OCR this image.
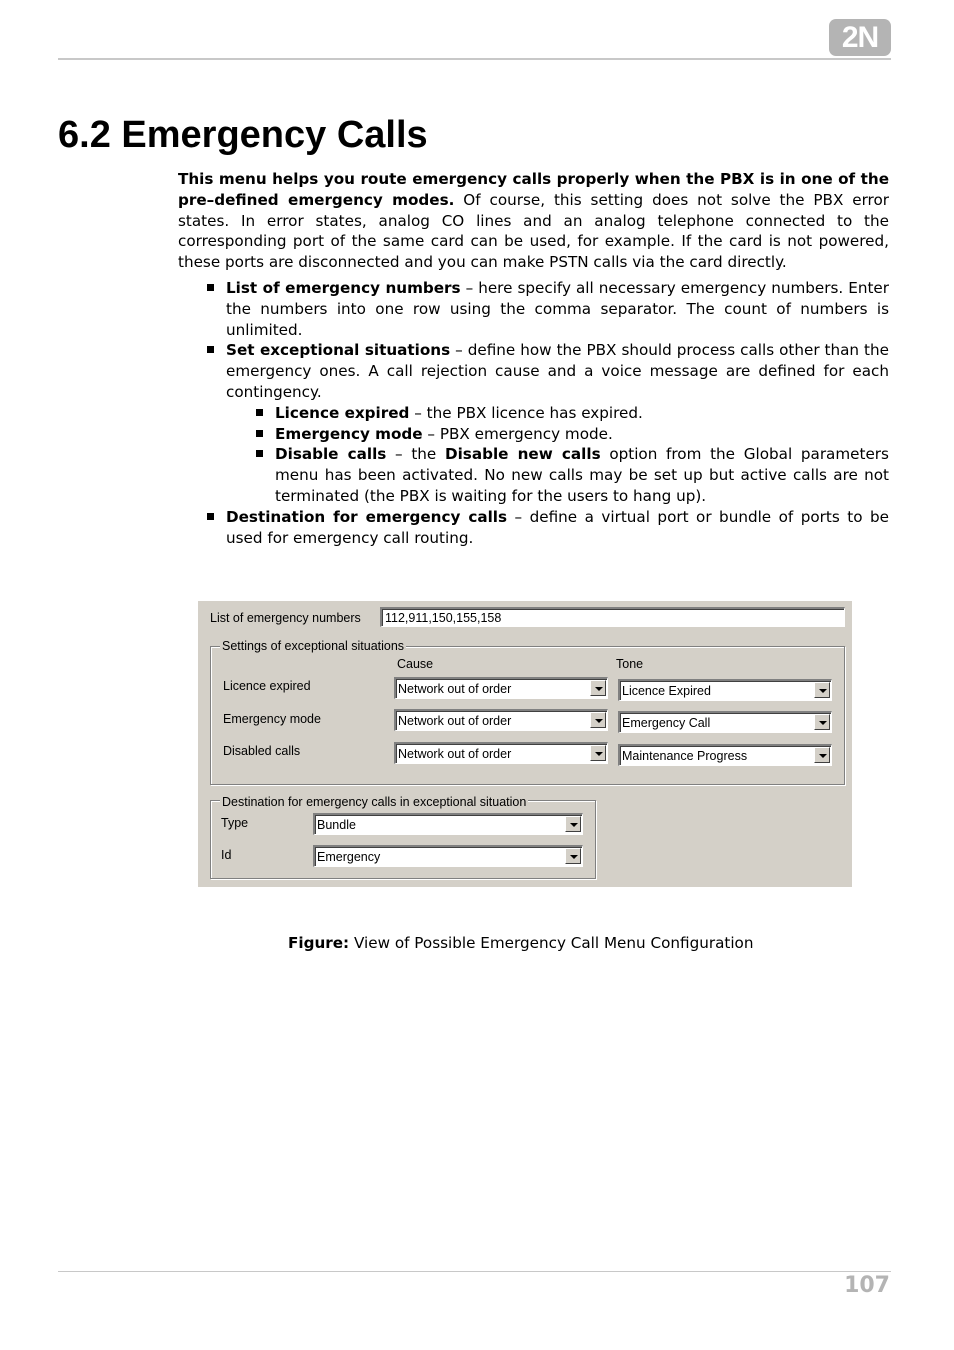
2N
6.2 Emergency Calls

This menu helps you route emergency calls properly when the PBX is in one of the pre–defined emergency modes. Of course, this setting does not solve the PBX error states. In error states, analog CO lines and an analog telephone connected to the corresponding port of the same card can be used, for example. If the card is not powered, these ports are disconnected and you can make PSTN calls via the card directly.

List of emergency numbers – here specify all necessary emergency numbers. Enter the numbers into one row using the comma separator. The count of numbers is unlimited.
Set exceptional situations – define how the PBX should process calls other than the emergency ones. A call rejection cause and a voice message are defined for each contingency.
Licence expired – the PBX licence has expired.
Emergency mode – PBX emergency mode.
Disable calls – the Disable new calls option from the Global parameters menu has been activated. No new calls may be set up but active calls are not terminated (the PBX is waiting for the users to hang up).
Destination for emergency calls – define a virtual port or bundle of ports to be used for emergency call routing.
List of emergency numbers	112,911,150,155,158
Settings of exceptional situations
Cause	Tone
Licence expired	Network out of order	Licence Expired
Emergency mode	Network out of order	Emergency Call
Disabled calls	Network out of order	Maintenance Progress
Destination for emergency calls in exceptional situation
Type	Bundle
Id	Emergency
Figure: View of Possible Emergency Call Menu Configuration
107
